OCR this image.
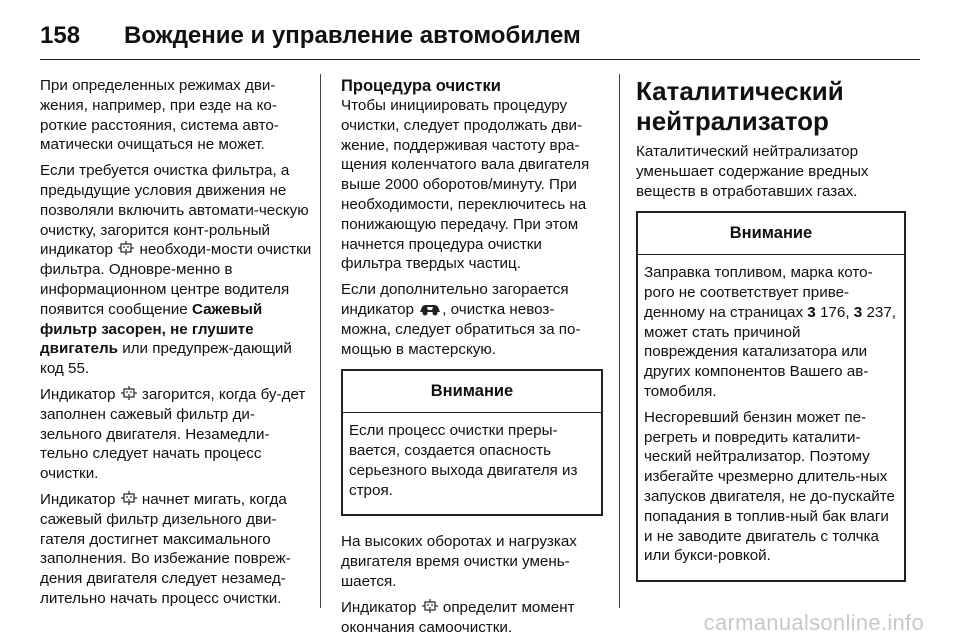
158	Вождение и управление автомобилем

При определенных режимах дви-жения, например, при езде на ко-роткие расстояния, система авто-матически очищаться не может.

Если требуется очистка фильтра, а предыдущие условия движения не позволяли включить автомати-ческую очистку, загорится конт-рольный индикатор необходи-мости очистки фильтра. Одновре-менно в информационном центре водителя появится сообщение Сажевый фильтр засорен, не глушите двигатель или предупреж-дающий код 55.

Индикатор загорится, когда бу-дет заполнен сажевый фильтр ди-зельного двигателя. Незамедли-тельно следует начать процесс очистки.

Индикатор начнет мигать, когда сажевый фильтр дизельного дви-гателя достигнет максимального заполнения. Во избежание повреж-дения двигателя следует незамед-лительно начать процесс очистки.

Процедура очистки

Чтобы инициировать процедуру очистки, следует продолжать дви-жение, поддерживая частоту вра-щения коленчатого вала двигателя выше 2000 оборотов/минуту. При необходимости, переключитесь на понижающую передачу. При этом начнется процедура очистки фильтра твердых частиц.

Если дополнительно загорается индикатор , очистка невоз-можна, следует обратиться за по-мощью в мастерскую.

Внимание

Если процесс очистки преры-вается, создается опасность серьезного выхода двигателя из строя.

На высоких оборотах и нагрузках двигателя время очистки умень-шается.

Индикатор определит момент окончания самоочистки.

Каталитический нейтрализатор

Каталитический нейтрализатор уменьшает содержание вредных веществ в отработавших газах.

Внимание

Заправка топливом, марка кото-рого не соответствует приве-денному на страницах 3 176, 3 237, может стать причиной повреждения катализатора или других компонентов Вашего ав-томобиля.

Несгоревший бензин может пе-регреть и повредить каталити-ческий нейтрализатор. Поэтому избегайте чрезмерно длитель-ных запусков двигателя, не до-пускайте попадания в топлив-ный бак влаги и не заводите двигатель с толчка или букси-ровкой.

carmanualsonline.info
